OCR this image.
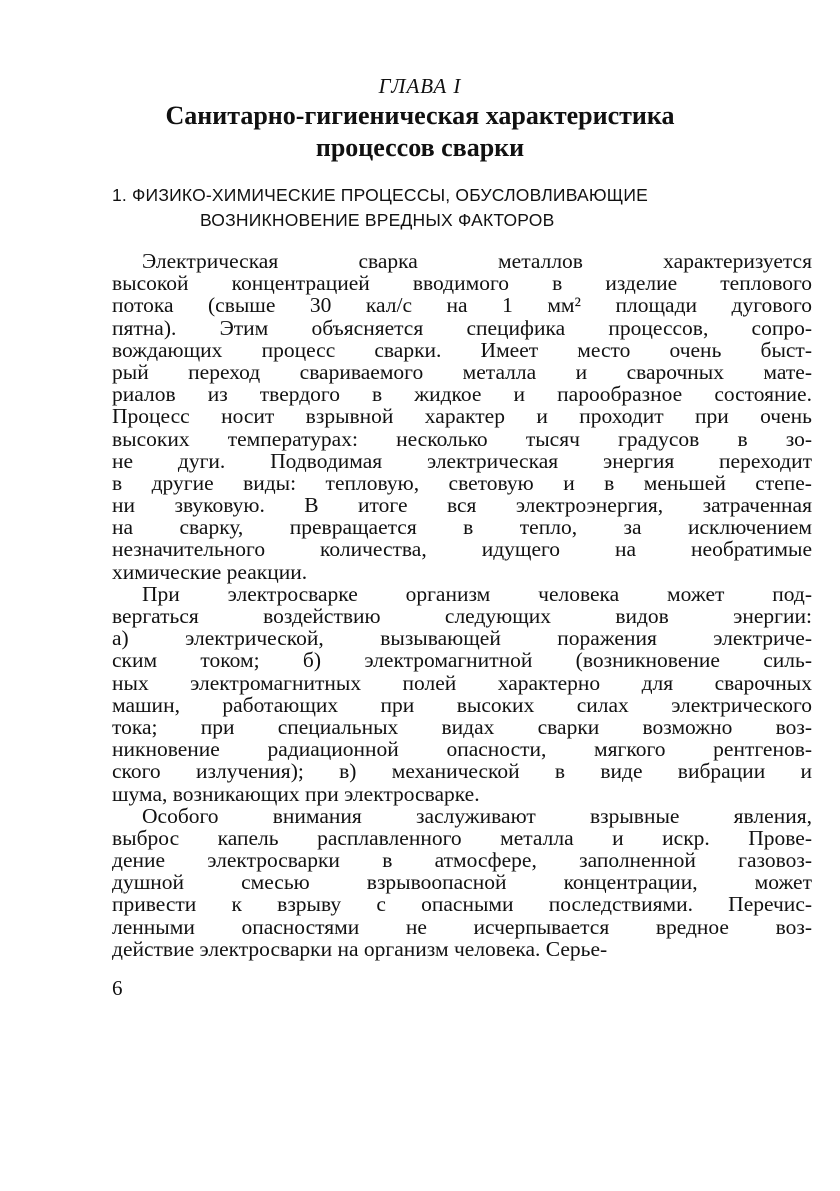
ГЛАВА I
Санитарно-гигиеническая характеристика
процессов сварки
1. ФИЗИКО-ХИМИЧЕСКИЕ ПРОЦЕССЫ, ОБУСЛОВЛИВАЮЩИЕ
ВОЗНИКНОВЕНИЕ ВРЕДНЫХ ФАКТОРОВ
Электрическая сварка металлов характеризуется
высокой концентрацией вводимого в изделие теплового
потока (свыше 30 кал/с на 1 мм² площади дугового
пятна). Этим объясняется специфика процессов, сопро-
вождающих процесс сварки. Имеет место очень быст-
рый переход свариваемого металла и сварочных мате-
риалов из твердого в жидкое и парообразное состояние.
Процесс носит взрывной характер и проходит при очень
высоких температурах: несколько тысяч градусов в зо-
не дуги. Подводимая электрическая энергия переходит
в другие виды: тепловую, световую и в меньшей степе-
ни звуковую. В итоге вся электроэнергия, затраченная
на сварку, превращается в тепло, за исключением
незначительного количества, идущего на необратимые
химические реакции.
При электросварке организм человека может под-
вергаться воздействию следующих видов энергии:
а) электрической, вызывающей поражения электриче-
ским током; б) электромагнитной (возникновение силь-
ных электромагнитных полей характерно для сварочных
машин, работающих при высоких силах электрического
тока; при специальных видах сварки возможно воз-
никновение радиационной опасности, мягкого рентгенов-
ского излучения); в) механической в виде вибрации и
шума, возникающих при электросварке.
Особого внимания заслуживают взрывные явления,
выброс капель расплавленного металла и искр. Прове-
дение электросварки в атмосфере, заполненной газовоз-
душной смесью взрывоопасной концентрации, может
привести к взрыву с опасными последствиями. Перечис-
ленными опасностями не исчерпывается вредное воз-
действие электросварки на организм человека. Серье-
6
